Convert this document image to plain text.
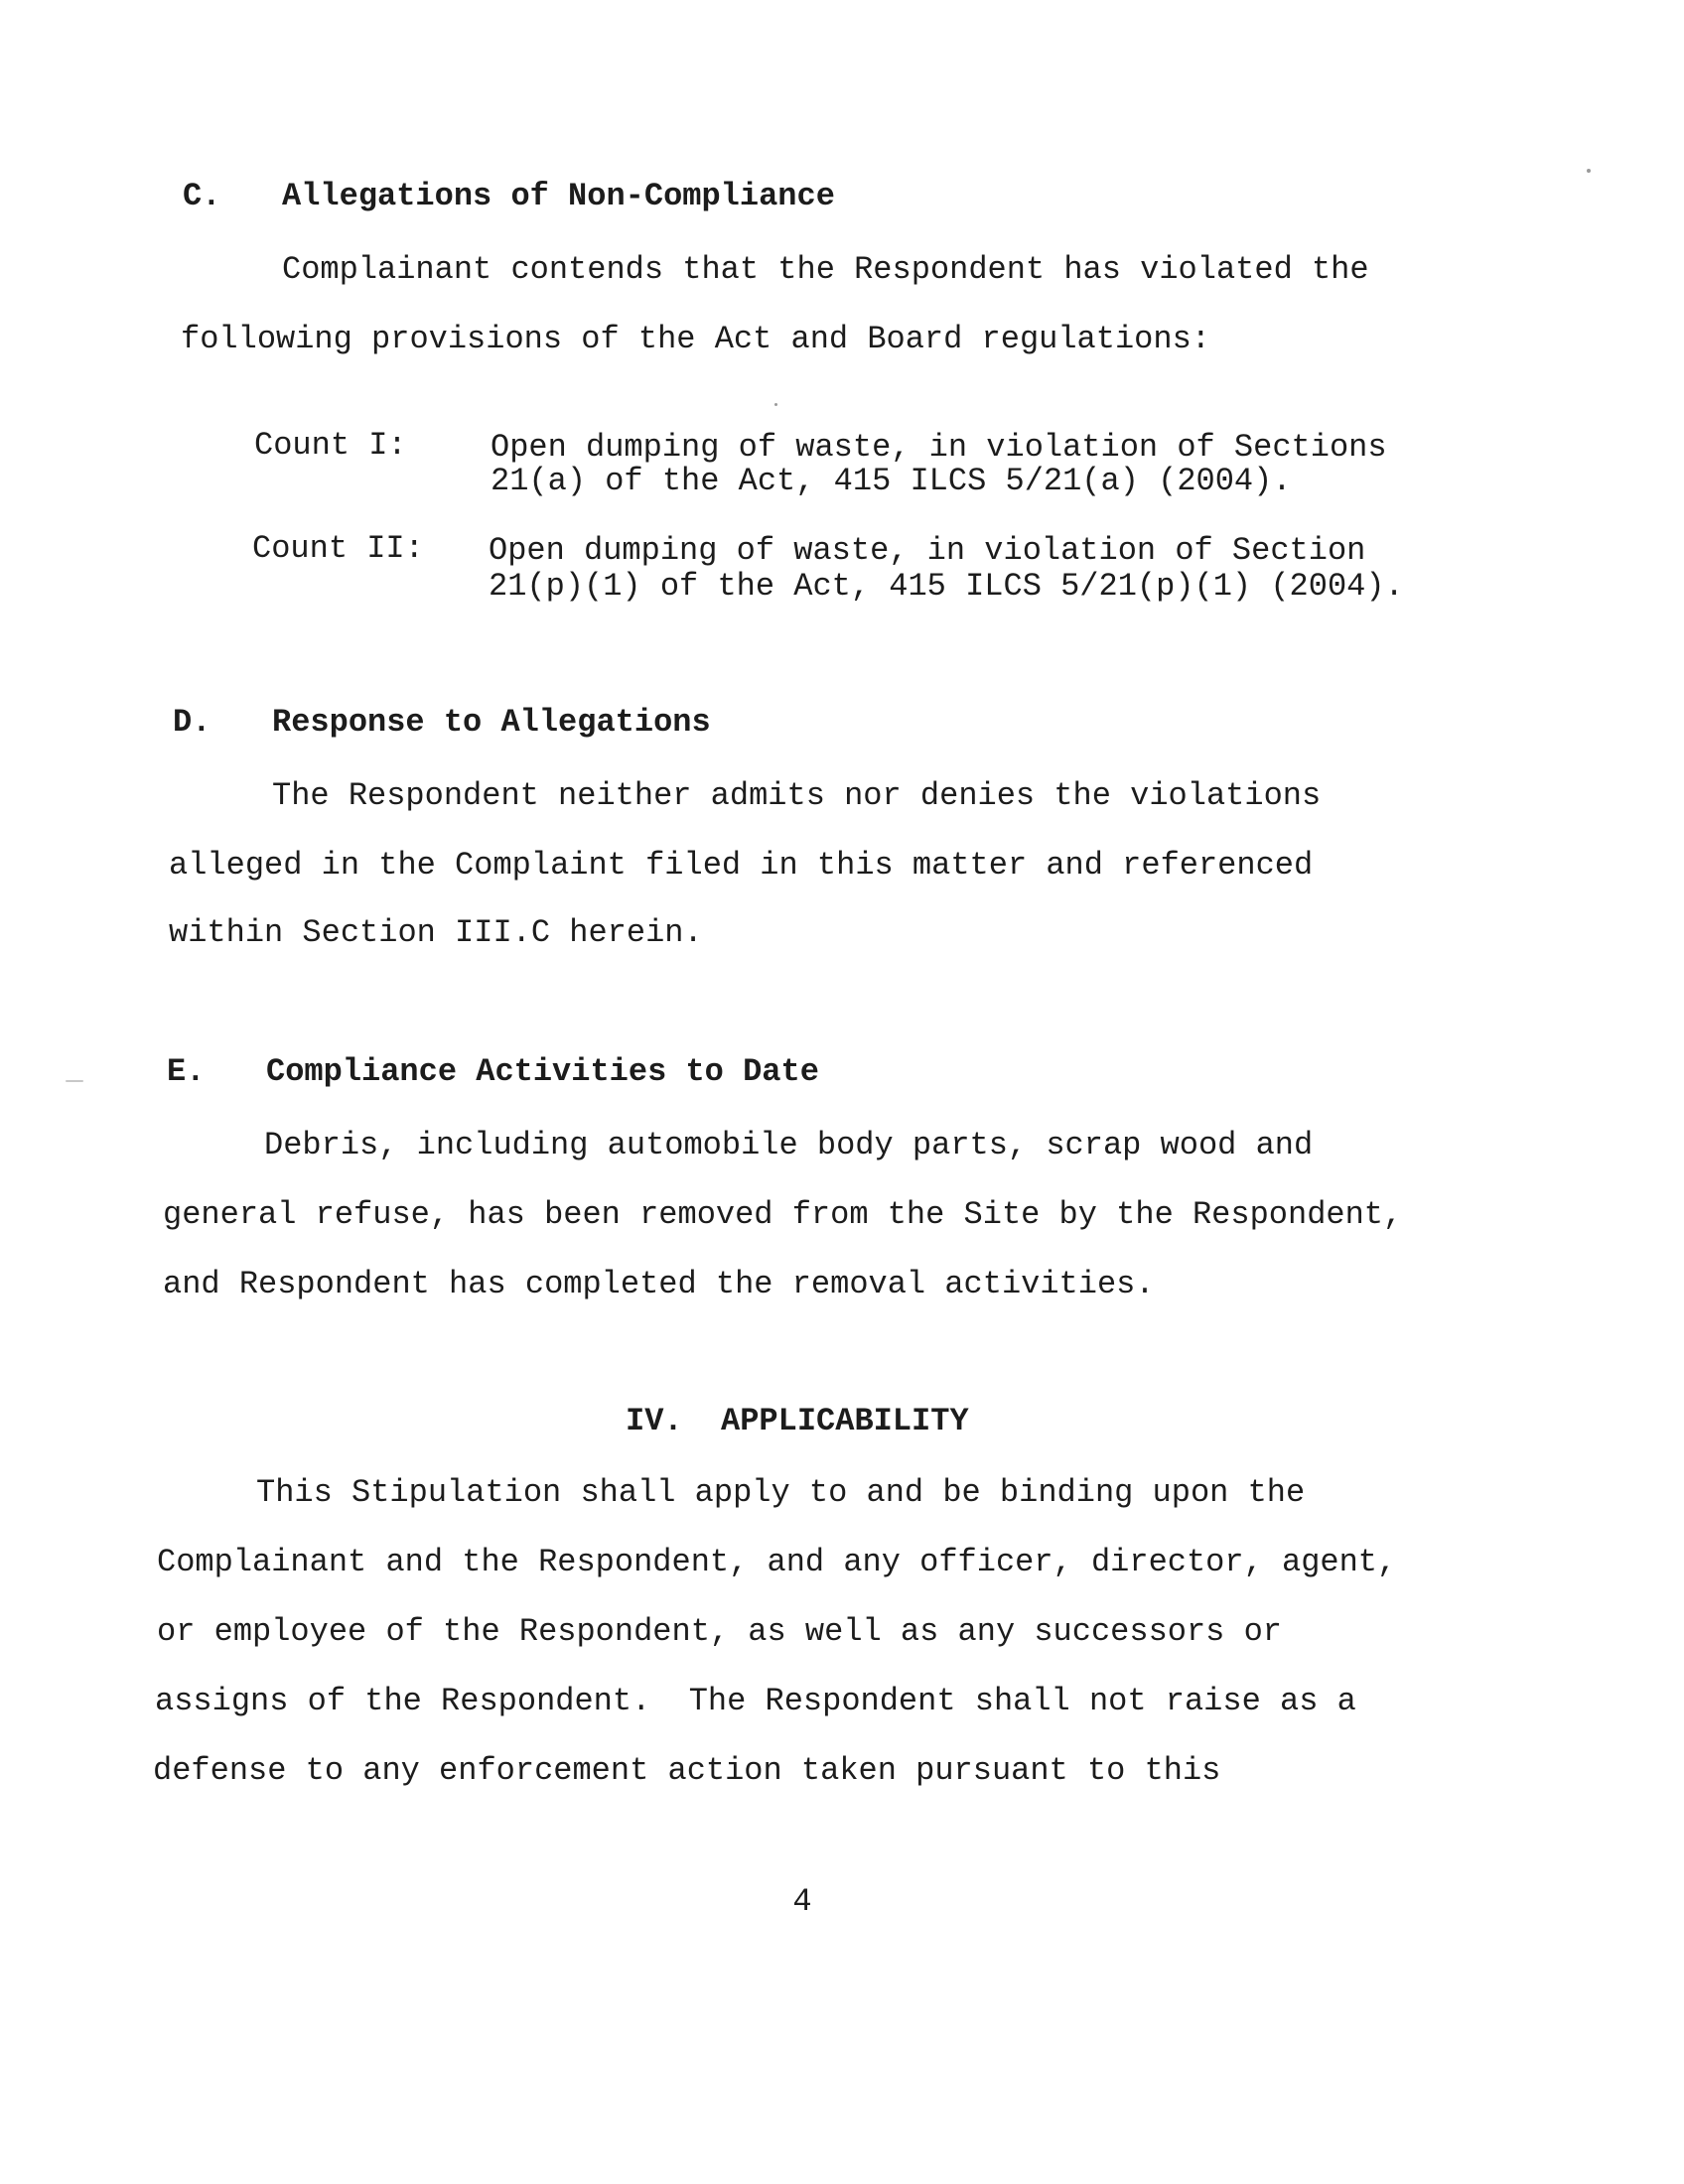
C. Allegations of Non-Compliance
Complainant contends that the Respondent has violated the
following provisions of the Act and Board regulations:
Count I:	Open dumping of waste, in violation of Sections
21(a) of the Act, 415 ILCS 5/21(a) (2004).
Count II: Open dumping of waste, in violation of Section
21(p)(1) of the Act, 415 ILCS 5/21(p)(1) (2004).
D. Response to Allegations
The Respondent neither admits nor denies the violations
alleged in the Complaint filed in this matter and referenced
within Section III.C herein.
E. Compliance Activities to Date
Debris, including automobile body parts, scrap wood and
general refuse, has been removed from the Site by the Respondent,
and Respondent has completed the removal activities.
IV.  APPLICABILITY
This Stipulation shall apply to and be binding upon the
Complainant and the Respondent, and any officer, director, agent,
or employee of the Respondent, as well as any successors or
assigns of the Respondent.  The Respondent shall not raise as a
defense to any enforcement action taken pursuant to this
4
